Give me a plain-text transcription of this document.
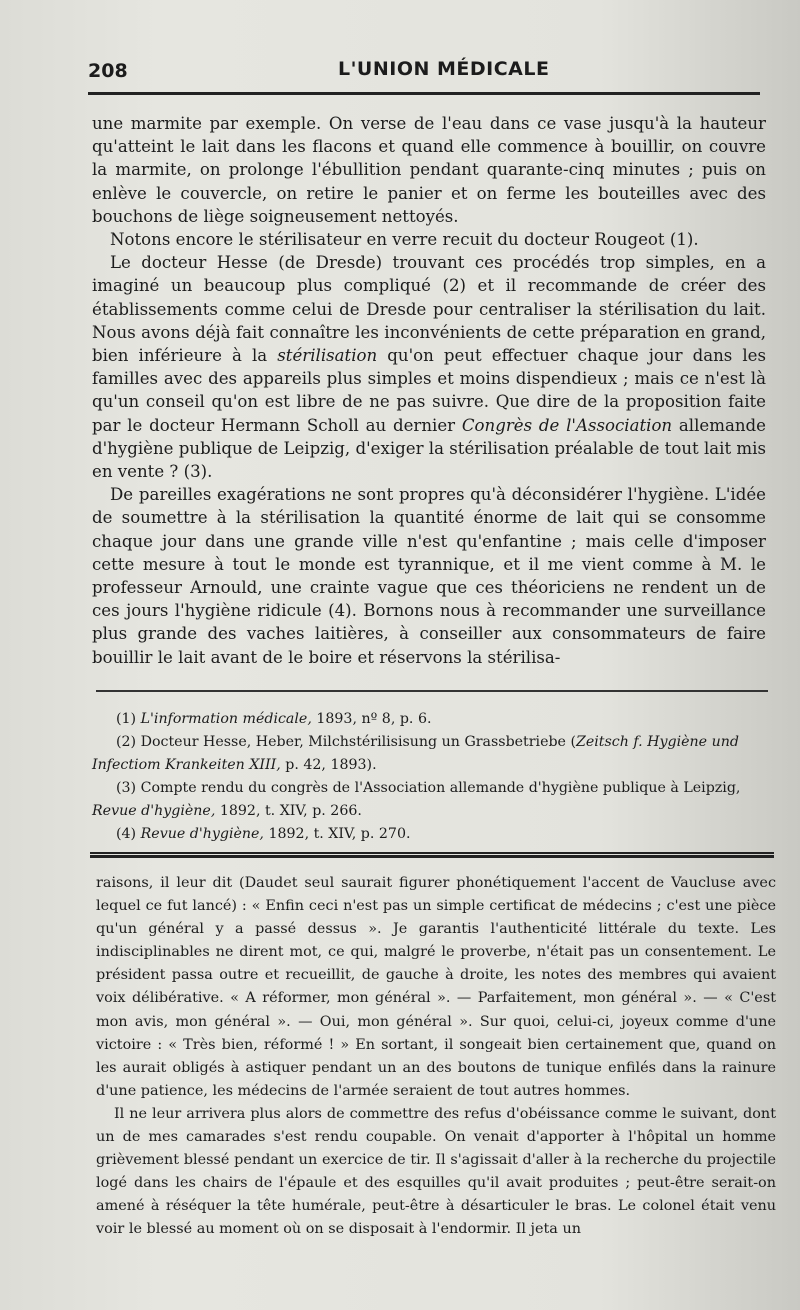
208	L'UNION MÉDICALE

une marmite par exemple. On verse de l'eau dans ce vase jusqu'à la hauteur qu'atteint le lait dans les flacons et quand elle commence à bouillir, on couvre la marmite, on prolonge l'ébullition pendant quarante-cinq minutes ; puis on enlève le couvercle, on retire le panier et on ferme les bouteilles avec des bouchons de liège soigneusement nettoyés.

Notons encore le stérilisateur en verre recuit du docteur Rougeot (1).

Le docteur Hesse (de Dresde) trouvant ces procédés trop simples, en a imaginé un beaucoup plus compliqué (2) et il recommande de créer des établissements comme celui de Dresde pour centraliser la stérilisation du lait. Nous avons déjà fait connaître les inconvénients de cette préparation en grand, bien inférieure à la stérilisation qu'on peut effectuer chaque jour dans les familles avec des appareils plus simples et moins dispendieux ; mais ce n'est là qu'un conseil qu'on est libre de ne pas suivre. Que dire de la proposition faite par le docteur Hermann Scholl au dernier Congrès de l'Association allemande d'hygiène publique de Leipzig, d'exiger la stérilisation préalable de tout lait mis en vente ? (3).

De pareilles exagérations ne sont propres qu'à déconsidérer l'hygiène. L'idée de soumettre à la stérilisation la quantité énorme de lait qui se consomme chaque jour dans une grande ville n'est qu'enfantine ; mais celle d'imposer cette mesure à tout le monde est tyrannique, et il me vient comme à M. le professeur Arnould, une crainte vague que ces théoriciens ne rendent un de ces jours l'hygiène ridicule (4). Bornons nous à recommander une surveillance plus grande des vaches laitières, à conseiller aux consommateurs de faire bouillir le lait avant de le boire et réservons la stérilisa-

(1) L'information médicale, 1893, nº 8, p. 6.

(2) Docteur Hesse, Heber, Milchstérilisisung un Grassbetriebe (Zeitsch f. Hygiène und Infectiom Krankeiten XIII, p. 42, 1893).

(3) Compte rendu du congrès de l'Association allemande d'hygiène publique à Leipzig, Revue d'hygiène, 1892, t. XIV, p. 266.

(4) Revue d'hygiène, 1892, t. XIV, p. 270.

raisons, il leur dit (Daudet seul saurait figurer phonétiquement l'accent de Vaucluse avec lequel ce fut lancé) : « Enfin ceci n'est pas un simple certificat de médecins ; c'est une pièce qu'un général y a passé dessus ». Je garantis l'authenticité littérale du texte. Les indisciplinables ne dirent mot, ce qui, malgré le proverbe, n'était pas un consentement. Le président passa outre et recueillit, de gauche à droite, les notes des membres qui avaient voix délibérative. « A réformer, mon général ». — Parfaitement, mon général ». — « C'est mon avis, mon général ». — Oui, mon général ». Sur quoi, celui-ci, joyeux comme d'une victoire : « Très bien, réformé ! » En sortant, il songeait bien certainement que, quand on les aurait obligés à astiquer pendant un an des boutons de tunique enfilés dans la rainure d'une patience, les médecins de l'armée seraient de tout autres hommes.

Il ne leur arrivera plus alors de commettre des refus d'obéissance comme le suivant, dont un de mes camarades s'est rendu coupable. On venait d'apporter à l'hôpital un homme grièvement blessé pendant un exercice de tir. Il s'agissait d'aller à la recherche du projectile logé dans les chairs de l'épaule et des esquilles qu'il avait produites ; peut-être serait-on amené à réséquer la tête humérale, peut-être à désarticuler le bras. Le colonel était venu voir le blessé au moment où on se disposait à l'endormir. Il jeta un
